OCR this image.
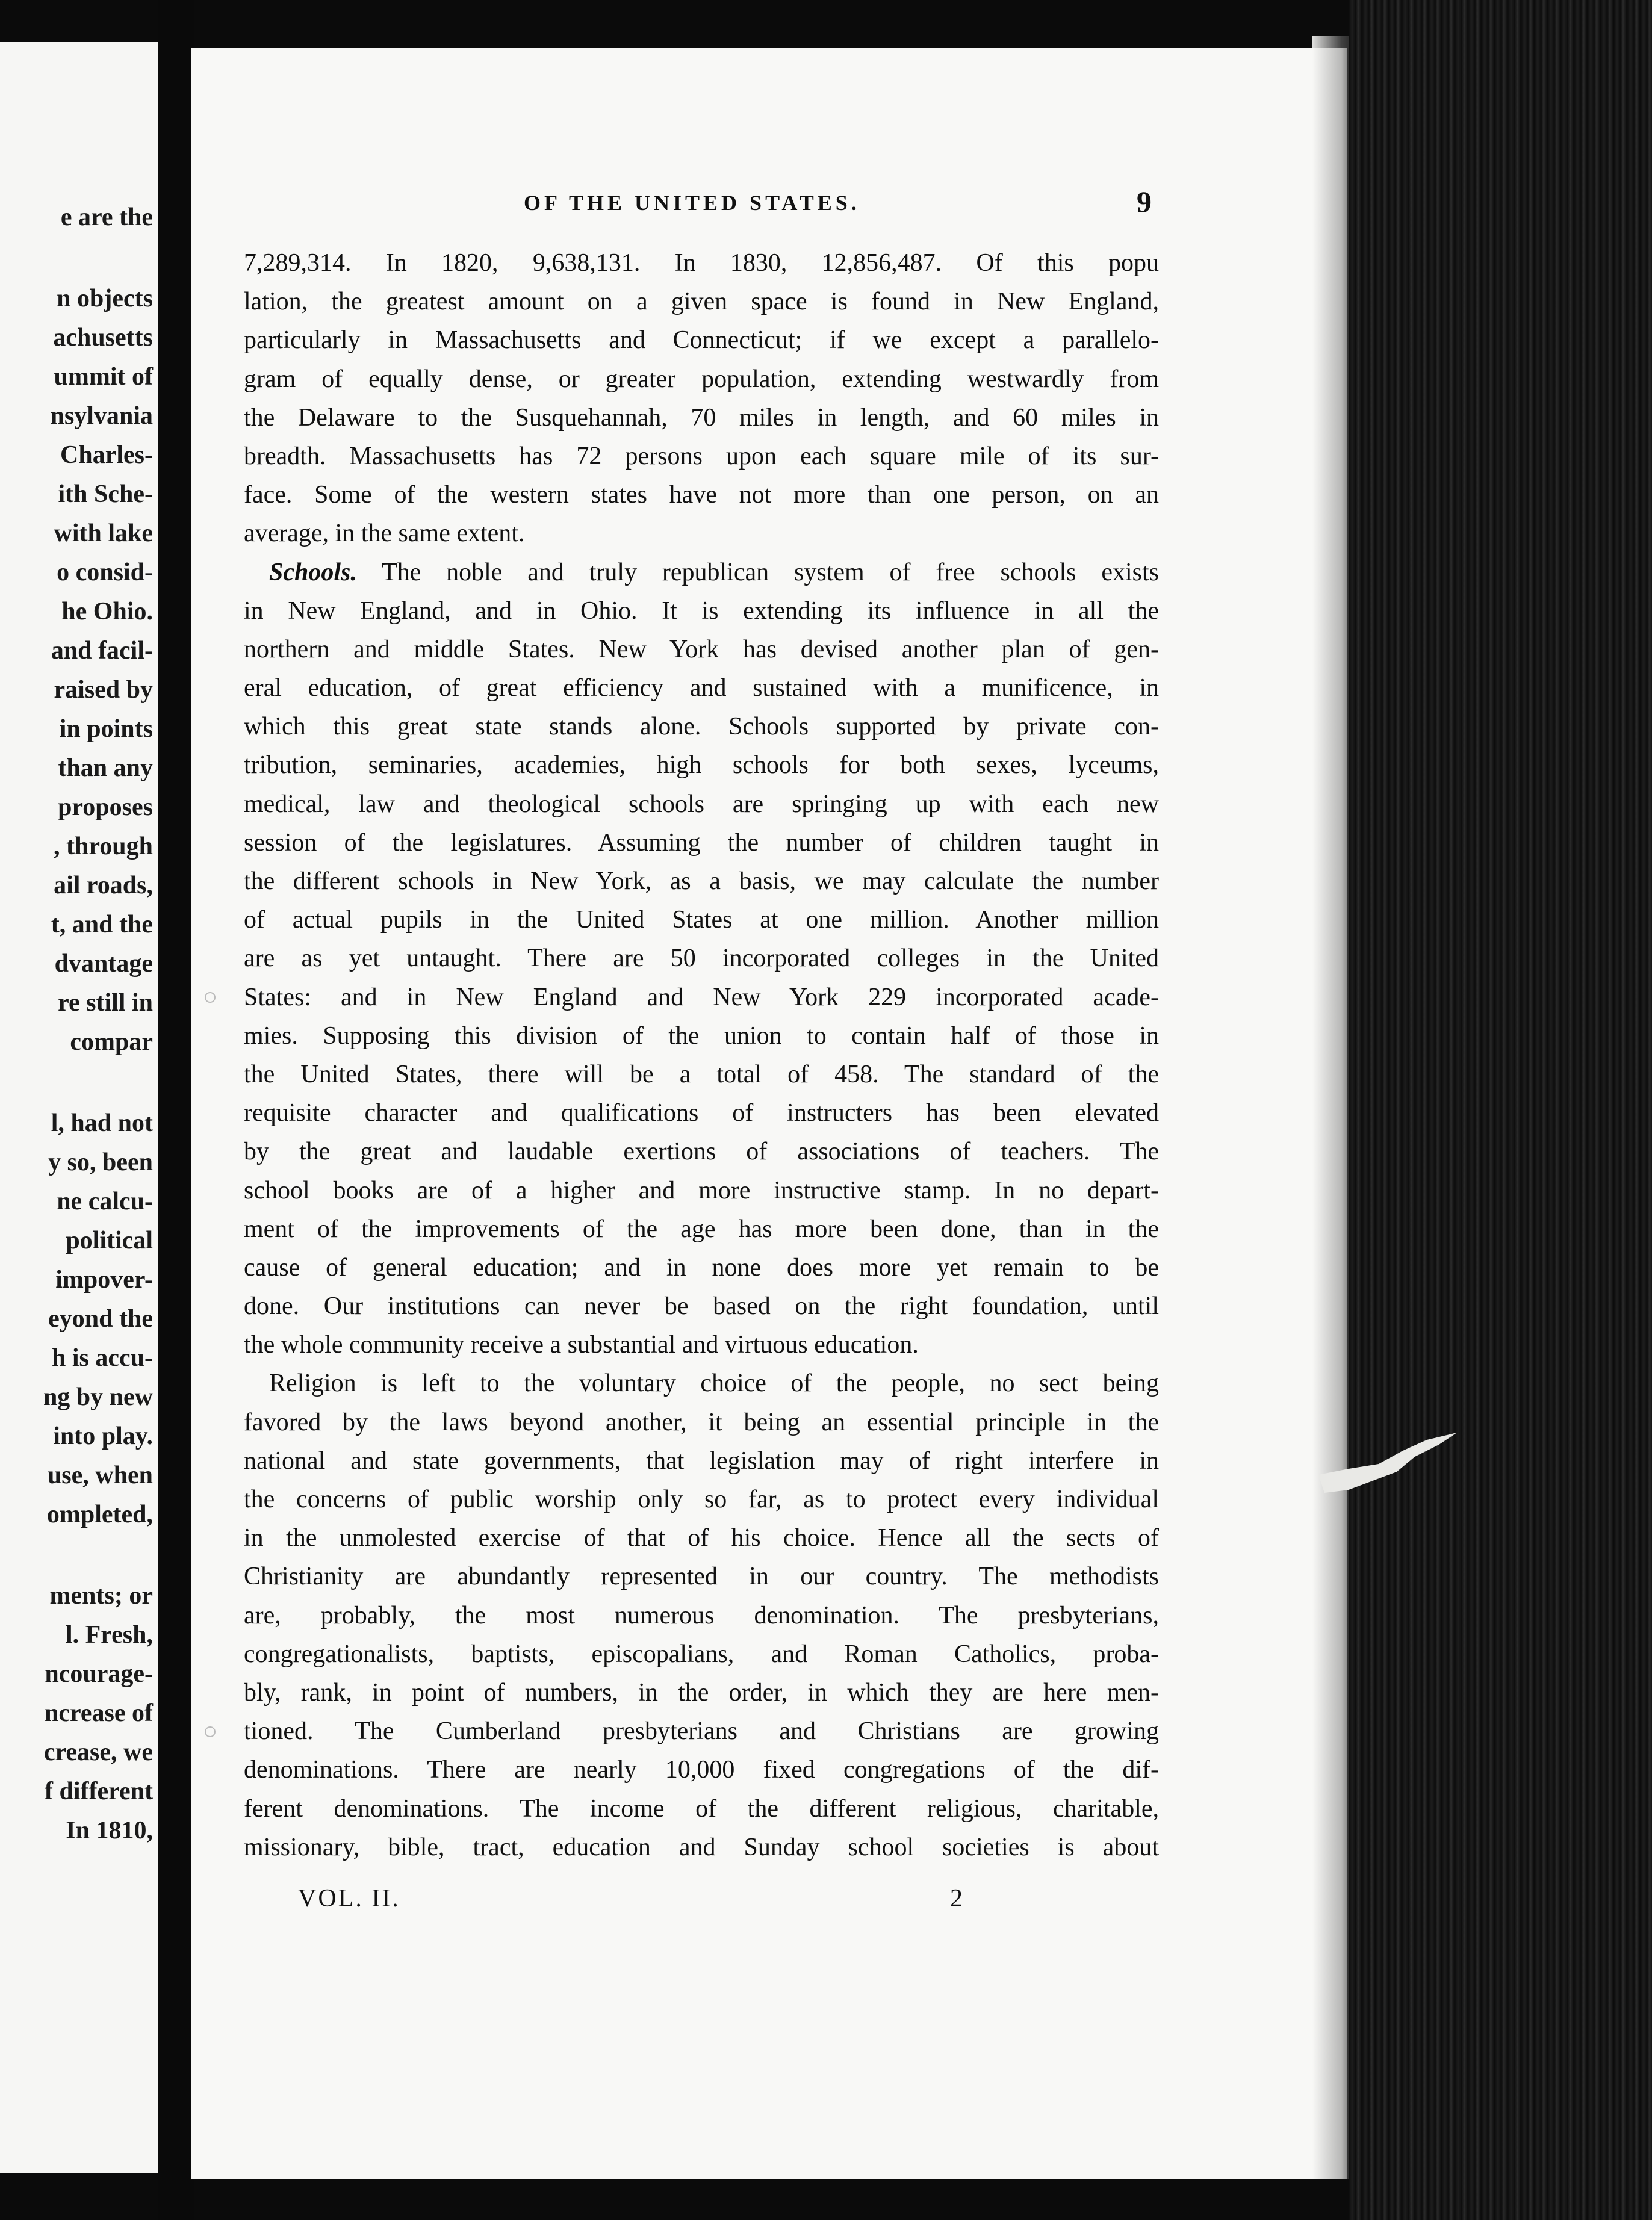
e are the
n objects
achusetts
ummit of
nsylvania
Charles-
ith Sche-
with lake
o consid-
he Ohio.
and facil-
raised by
in points
than any
proposes
, through
ail roads,
t, and the
dvantage
re still in
compar
l, had not
y so, been
ne calcu-
political
impover-
eyond the
h is accu-
ng by new
into play.
use, when
ompleted,
ments; or
l. Fresh,
ncourage-
ncrease of
crease, we
f different
In 1810,
OF THE UNITED STATES.	9
7,289,314. In 1820, 9,638,131. In 1830, 12,856,487. Of this popu
lation, the greatest amount on a given space is found in New England,
particularly in Massachusetts and Connecticut; if we except a parallelo-
gram of equally dense, or greater population, extending westwardly from
the Delaware to the Susquehannah, 70 miles in length, and 60 miles in
breadth. Massachusetts has 72 persons upon each square mile of its sur-
face. Some of the western states have not more than one person, on an
average, in the same extent.
Schools. The noble and truly republican system of free schools exists
in New England, and in Ohio. It is extending its influence in all the
northern and middle States. New York has devised another plan of gen-
eral education, of great efficiency and sustained with a munificence, in
which this great state stands alone. Schools supported by private con-
tribution, seminaries, academies, high schools for both sexes, lyceums,
medical, law and theological schools are springing up with each new
session of the legislatures. Assuming the number of children taught in
the different schools in New York, as a basis, we may calculate the number
of actual pupils in the United States at one million. Another million
are as yet untaught. There are 50 incorporated colleges in the United
States: and in New England and New York 229 incorporated acade-
mies. Supposing this division of the union to contain half of those in
the United States, there will be a total of 458. The standard of the
requisite character and qualifications of instructers has been elevated
by the great and laudable exertions of associations of teachers. The
school books are of a higher and more instructive stamp. In no depart-
ment of the improvements of the age has more been done, than in the
cause of general education; and in none does more yet remain to be
done. Our institutions can never be based on the right foundation, until
the whole community receive a substantial and virtuous education.
Religion is left to the voluntary choice of the people, no sect being
favored by the laws beyond another, it being an essential principle in the
national and state governments, that legislation may of right interfere in
the concerns of public worship only so far, as to protect every individual
in the unmolested exercise of that of his choice. Hence all the sects of
Christianity are abundantly represented in our country. The methodists
are, probably, the most numerous denomination. The presbyterians,
congregationalists, baptists, episcopalians, and Roman Catholics, proba-
bly, rank, in point of numbers, in the order, in which they are here men-
tioned. The Cumberland presbyterians and Christians are growing
denominations. There are nearly 10,000 fixed congregations of the dif-
ferent denominations. The income of the different religious, charitable,
missionary, bible, tract, education and Sunday school societies is about
VOL. II.	2
